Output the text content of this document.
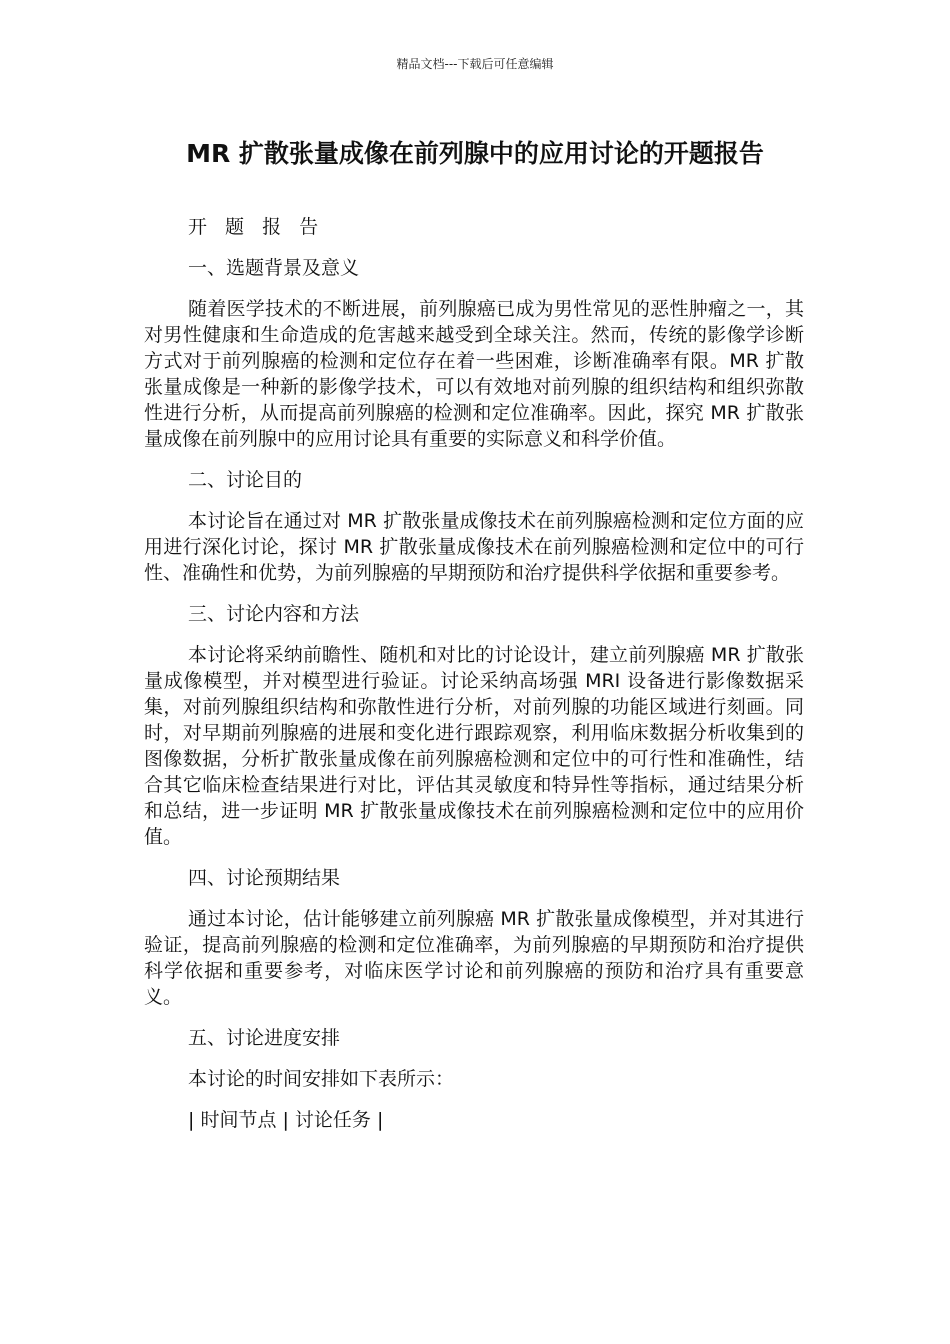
精品文档---下载后可任意编辑
MR 扩散张量成像在前列腺中的应用讨论的开题报告
开 题 报 告
一、选题背景及意义
随着医学技术的不断进展，前列腺癌已成为男性常见的恶性肿瘤之一，其对男性健康和生命造成的危害越来越受到全球关注。然而，传统的影像学诊断方式对于前列腺癌的检测和定位存在着一些困难，诊断准确率有限。MR 扩散张量成像是一种新的影像学技术，可以有效地对前列腺的组织结构和组织弥散性进行分析，从而提高前列腺癌的检测和定位准确率。因此，探究 MR 扩散张量成像在前列腺中的应用讨论具有重要的实际意义和科学价值。
二、讨论目的
本讨论旨在通过对 MR 扩散张量成像技术在前列腺癌检测和定位方面的应用进行深化讨论，探讨 MR 扩散张量成像技术在前列腺癌检测和定位中的可行性、准确性和优势，为前列腺癌的早期预防和治疗提供科学依据和重要参考。
三、讨论内容和方法
本讨论将采纳前瞻性、随机和对比的讨论设计，建立前列腺癌 MR 扩散张量成像模型，并对模型进行验证。讨论采纳高场强 MRI 设备进行影像数据采集，对前列腺组织结构和弥散性进行分析，对前列腺的功能区域进行刻画。同时，对早期前列腺癌的进展和变化进行跟踪观察，利用临床数据分析收集到的图像数据，分析扩散张量成像在前列腺癌检测和定位中的可行性和准确性，结合其它临床检查结果进行对比，评估其灵敏度和特异性等指标，通过结果分析和总结，进一步证明 MR 扩散张量成像技术在前列腺癌检测和定位中的应用价值。
四、讨论预期结果
通过本讨论，估计能够建立前列腺癌 MR 扩散张量成像模型，并对其进行验证，提高前列腺癌的检测和定位准确率，为前列腺癌的早期预防和治疗提供科学依据和重要参考，对临床医学讨论和前列腺癌的预防和治疗具有重要意义。
五、讨论进度安排
本讨论的时间安排如下表所示：
| 时间节点 | 讨论任务 |
